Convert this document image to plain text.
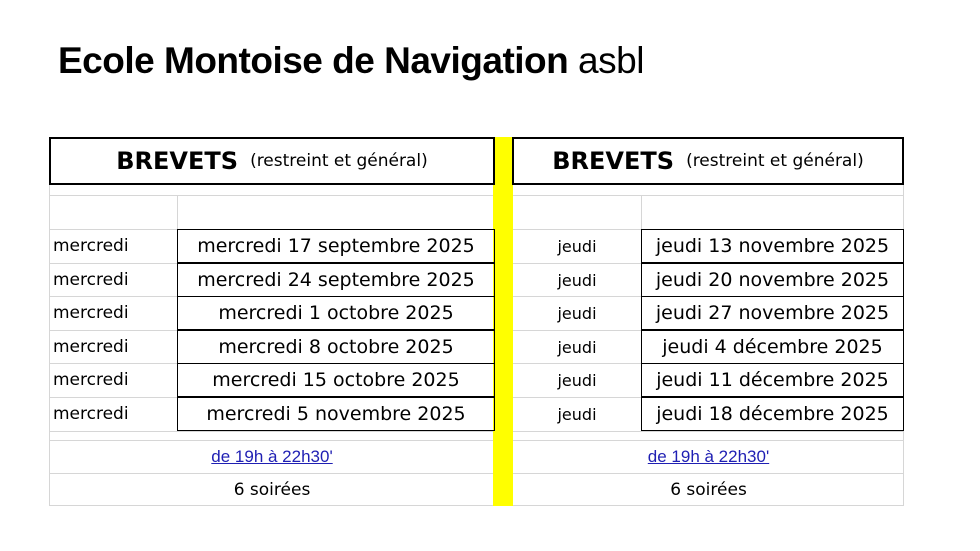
Ecole Montoise de Navigation asbl
BREVETS (restreint et général)	BREVETS (restreint et général)
mercredi	mercredi 17 septembre 2025
mercredi	mercredi 24 septembre 2025
mercredi	mercredi 1 octobre 2025
mercredi	mercredi 8 octobre 2025
mercredi	mercredi 15 octobre 2025
mercredi	mercredi 5 novembre 2025
jeudi	jeudi 13 novembre 2025
jeudi	jeudi 20 novembre 2025
jeudi	jeudi 27 novembre 2025
jeudi	jeudi 4 décembre 2025
jeudi	jeudi 11 décembre 2025
jeudi	jeudi 18 décembre 2025
de 19h à 22h30'	de 19h à 22h30'
6 soirées	6 soirées
